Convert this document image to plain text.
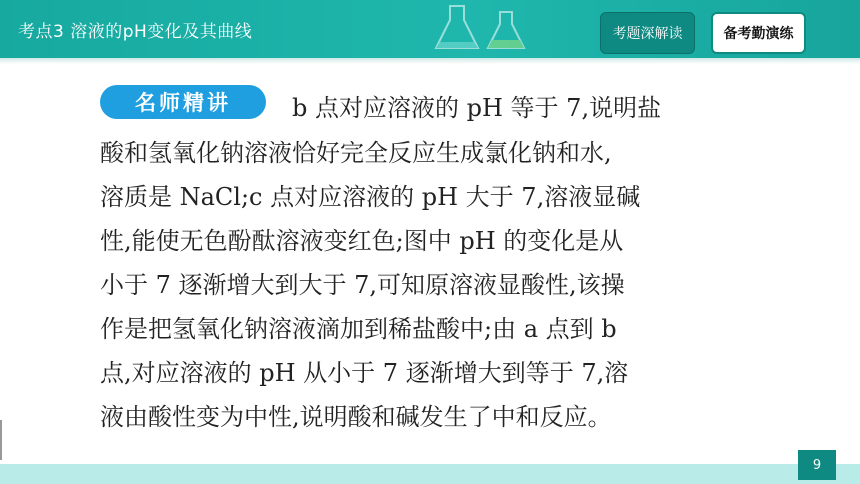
考点3 溶液的pH变化及其曲线	考题深解读	备考勤演练
名师精讲	b 点对应溶液的 pH 等于 7,说明盐
酸和氢氧化钠溶液恰好完全反应生成氯化钠和水,
溶质是 NaCl;c 点对应溶液的 pH 大于 7,溶液显碱
性,能使无色酚酞溶液变红色;图中 pH 的变化是从
小于 7 逐渐增大到大于 7,可知原溶液显酸性,该操
作是把氢氧化钠溶液滴加到稀盐酸中;由 a 点到 b
点,对应溶液的 pH 从小于 7 逐渐增大到等于 7,溶
液由酸性变为中性,说明酸和碱发生了中和反应。
9
